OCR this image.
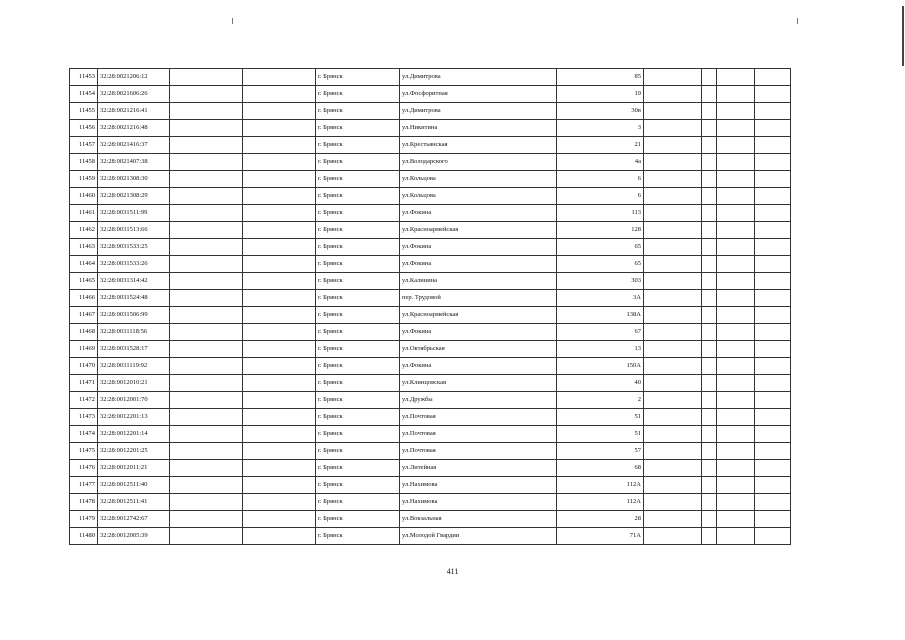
11453	32:28:0021206:12			г. Брянск	ул.Димитрова	85				
11454	32:28:0021606:26			г. Брянск	ул.Фосфоритная	19				
11455	32:28:0021216:41			г. Брянск	ул.Димитрова	30в				
11456	32:28:0021216:48			г. Брянск	ул.Никитина	3				
11457	32:28:0021416:37			г. Брянск	ул.Крестьянская	21				
11458	32:28:0021407:38			г. Брянск	ул.Володарского	4а				
11459	32:28:0021308:30			г. Брянск	ул.Кольцова	6				
11460	32:28:0021308:29			г. Брянск	ул.Кольцова	6				
11461	32:28:0031511:99			г. Брянск	ул.Фокина	113				
11462	32:28:0031513:66			г. Брянск	ул.Красноармейская	128				
11463	32:28:0031533:25			г. Брянск	ул.Фокина	65				
11464	32:28:0031533:26			г. Брянск	ул.Фокина	65				
11465	32:28:0031314:42			г. Брянск	ул.Калинина	303				
11466	32:28:0031524:48			г. Брянск	пер. Трудовой	3А				
11467	32:28:0031506:99			г. Брянск	ул.Красноармейская	138А				
11468	32:28:0031118:56			г. Брянск	ул.Фокина	67				
11469	32:28:0031528:17			г. Брянск	ул.Октябрьская	13				
11470	32:28:0031119:92			г. Брянск	ул.Фокина	150А				
11471	32:28:0012010:21			г. Брянск	ул.Клинцовская	40				
11472	32:28:0012001:70			г. Брянск	ул.Дружбы	2				
11473	32:28:0012201:13			г. Брянск	ул.Почтовая	51				
11474	32:28:0012201:14			г. Брянск	ул.Почтовая	51				
11475	32:28:0012201:25			г. Брянск	ул.Почтовая	57				
11476	32:28:0012011:21			г. Брянск	ул.Литейная	68				
11477	32:28:0012511:40			г. Брянск	ул.Нахимова	112А				
11478	32:28:0012511:41			г. Брянск	ул.Нахимова	112А				
11479	32:28:0012742:67			г. Брянск	ул.Вокзальная	28				
11480	32:28:0012005:39			г. Брянск	ул.Молодой Гвардии	71А				
411
